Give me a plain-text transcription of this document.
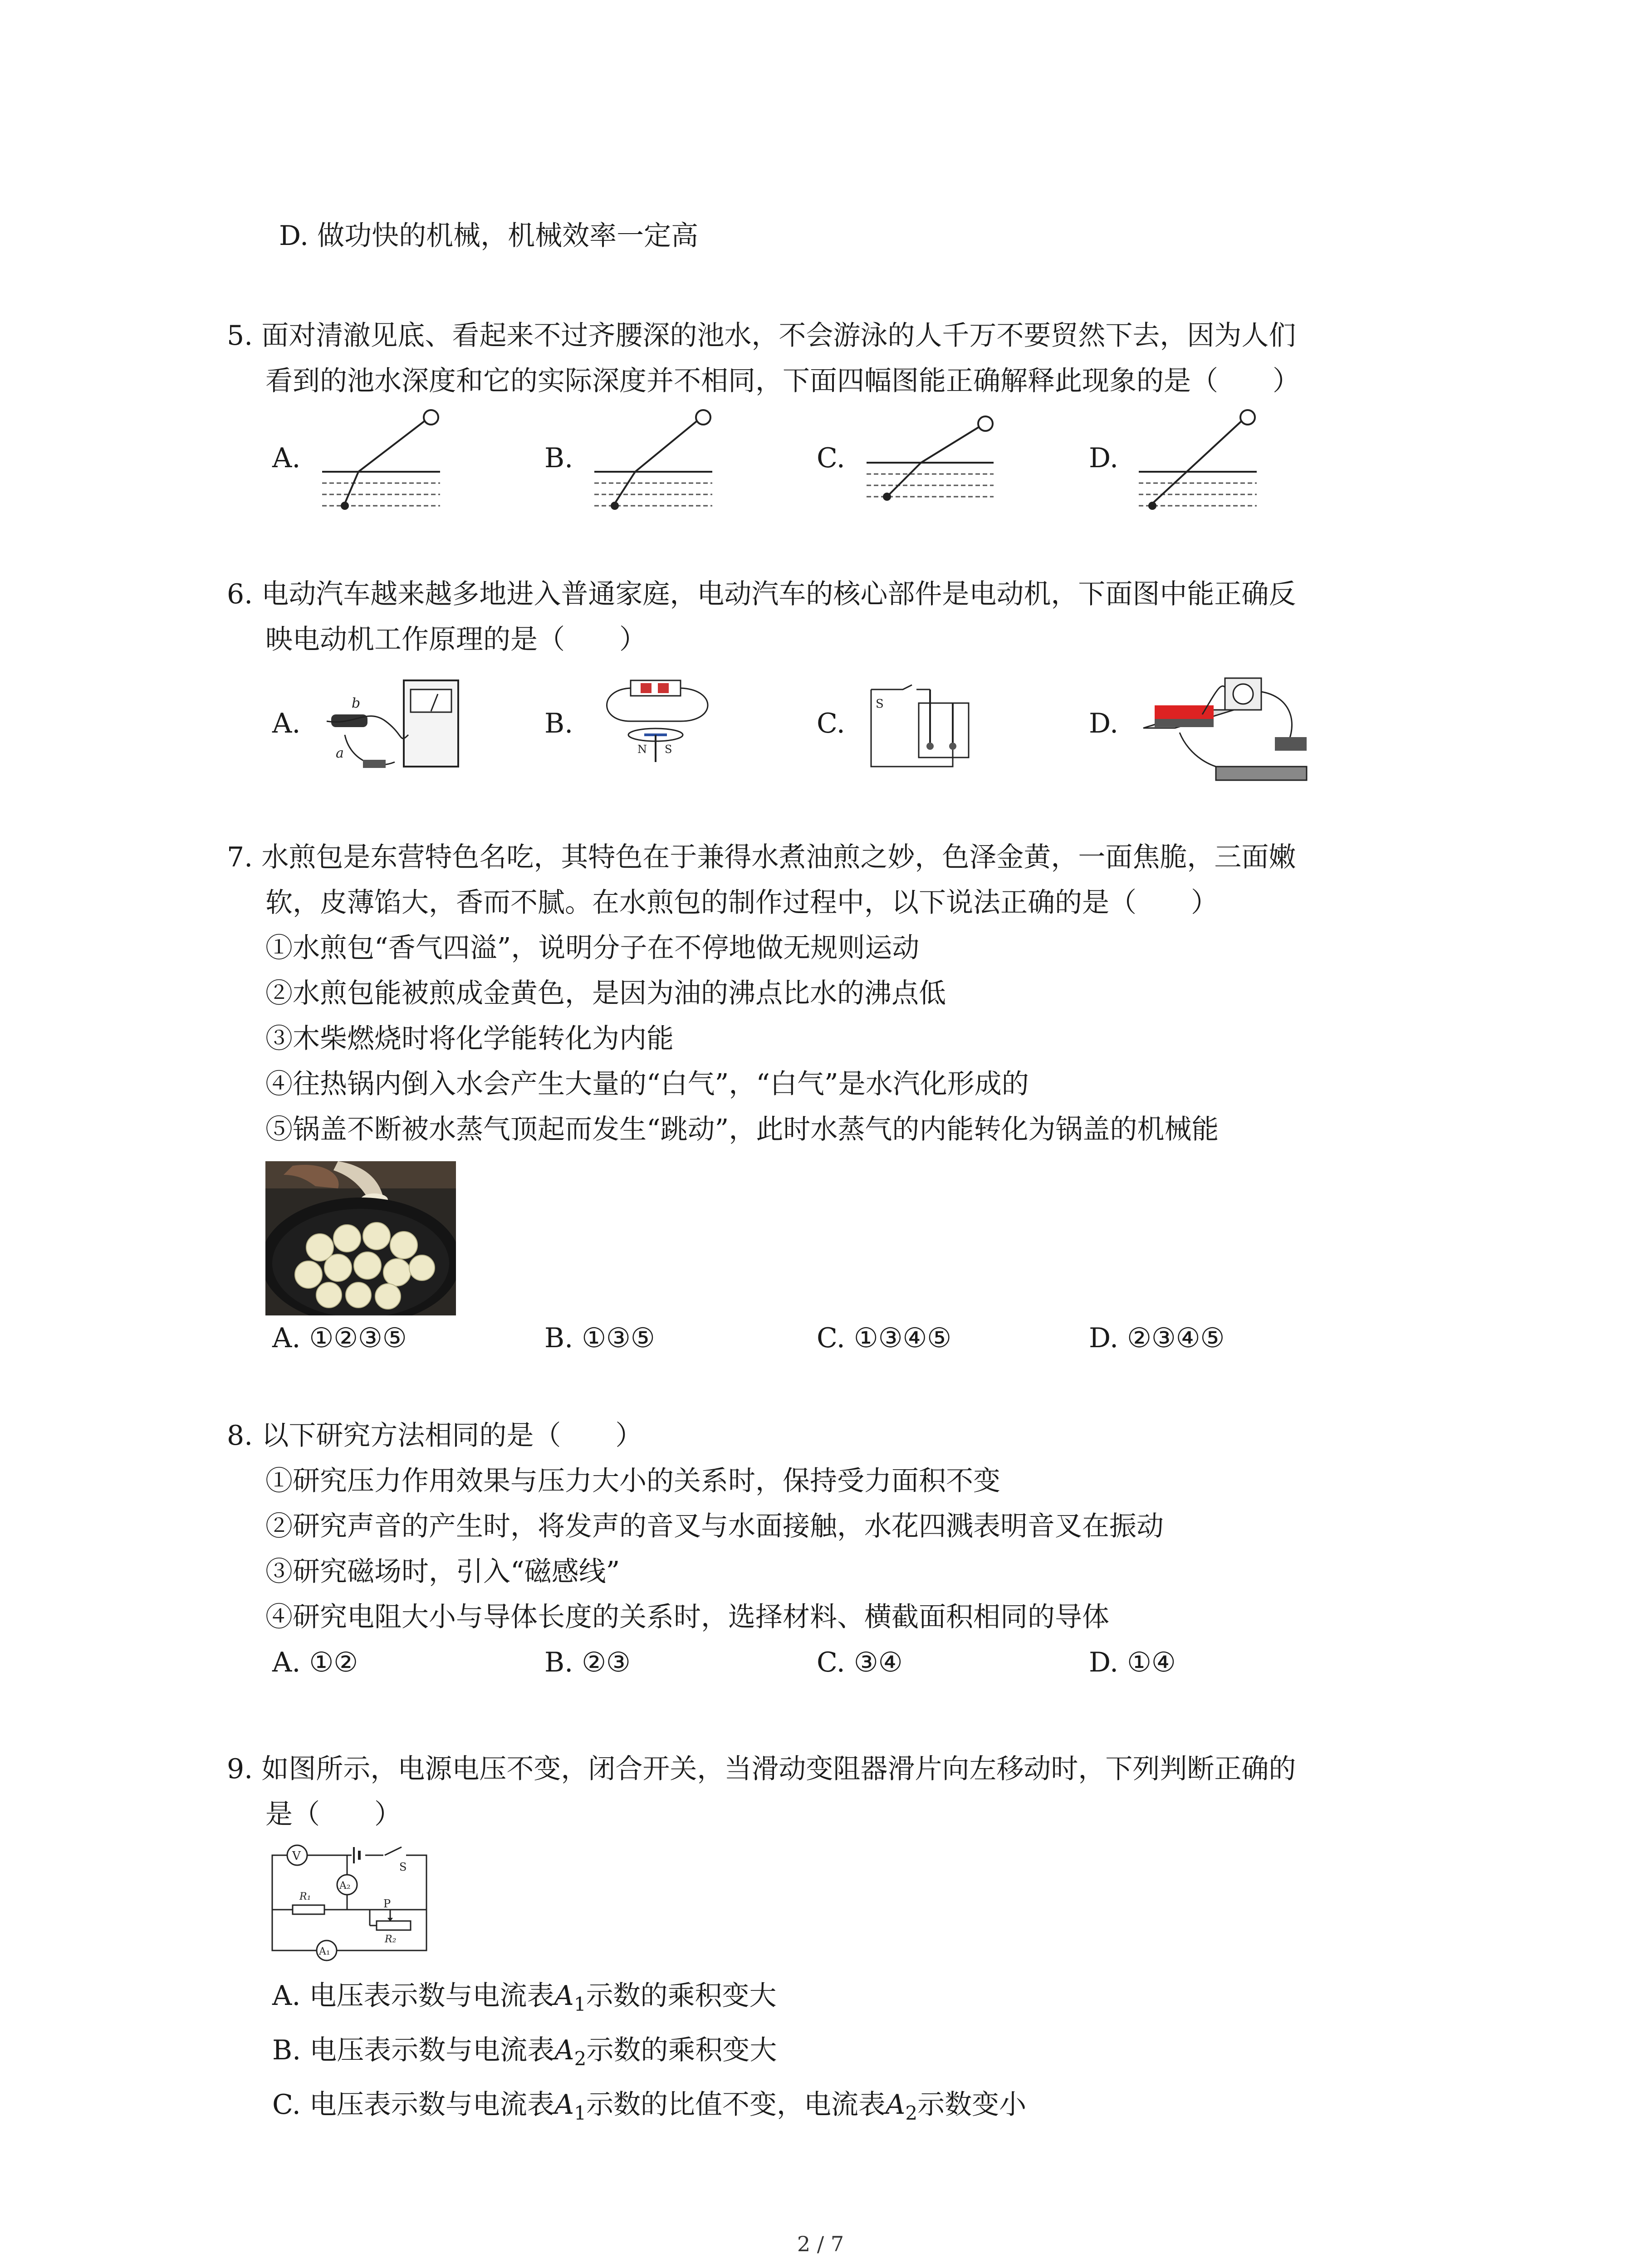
D. 做功快的机械，机械效率一定高
5. 面对清澈见底、看起来不过齐腰深的池水，不会游泳的人千万不要贸然下去，因为人们
看到的池水深度和它的实际深度并不相同，下面四幅图能正确解释此现象的是（　　）
A.	B.	C.	D.
6. 电动汽车越来越多地进入普通家庭，电动汽车的核心部件是电动机，下面图中能正确反
映电动机工作原理的是（　　）
A.	B.	C.	D.
b
a	N S
S
7. 水煎包是东营特色名吃，其特色在于兼得水煮油煎之妙，色泽金黄，一面焦脆，三面嫩
软，皮薄馅大，香而不腻。在水煎包的制作过程中，以下说法正确的是（　　）
①水煎包“香气四溢”，说明分子在不停地做无规则运动
②水煎包能被煎成金黄色，是因为油的沸点比水的沸点低
③木柴燃烧时将化学能转化为内能
④往热锅内倒入水会产生大量的“白气”，“白气”是水汽化形成的
⑤锅盖不断被水蒸气顶起而发生“跳动”，此时水蒸气的内能转化为锅盖的机械能
A. ①②③⑤	B. ①③⑤	C. ①③④⑤	D. ②③④⑤
8. 以下研究方法相同的是（　　）
①研究压力作用效果与压力大小的关系时，保持受力面积不变
②研究声音的产生时，将发声的音叉与水面接触，水花四溅表明音叉在振动
③研究磁场时，引入“磁感线”
④研究电阻大小与导体长度的关系时，选择材料、横截面积相同的导体
A. ①②	B. ②③	C. ③④	D. ①④
9. 如图所示，电源电压不变，闭合开关，当滑动变阻器滑片向左移动时，下列判断正确的
是（　　）
V
S
A₂
R₁
P
R₂
A₁
A. 电压表示数与电流表$A_1$示数的乘积变大
B. 电压表示数与电流表$A_2$示数的乘积变大
C. 电压表示数与电流表$A_1$示数的比值不变，电流表$A_2$示数变小
2 / 7
